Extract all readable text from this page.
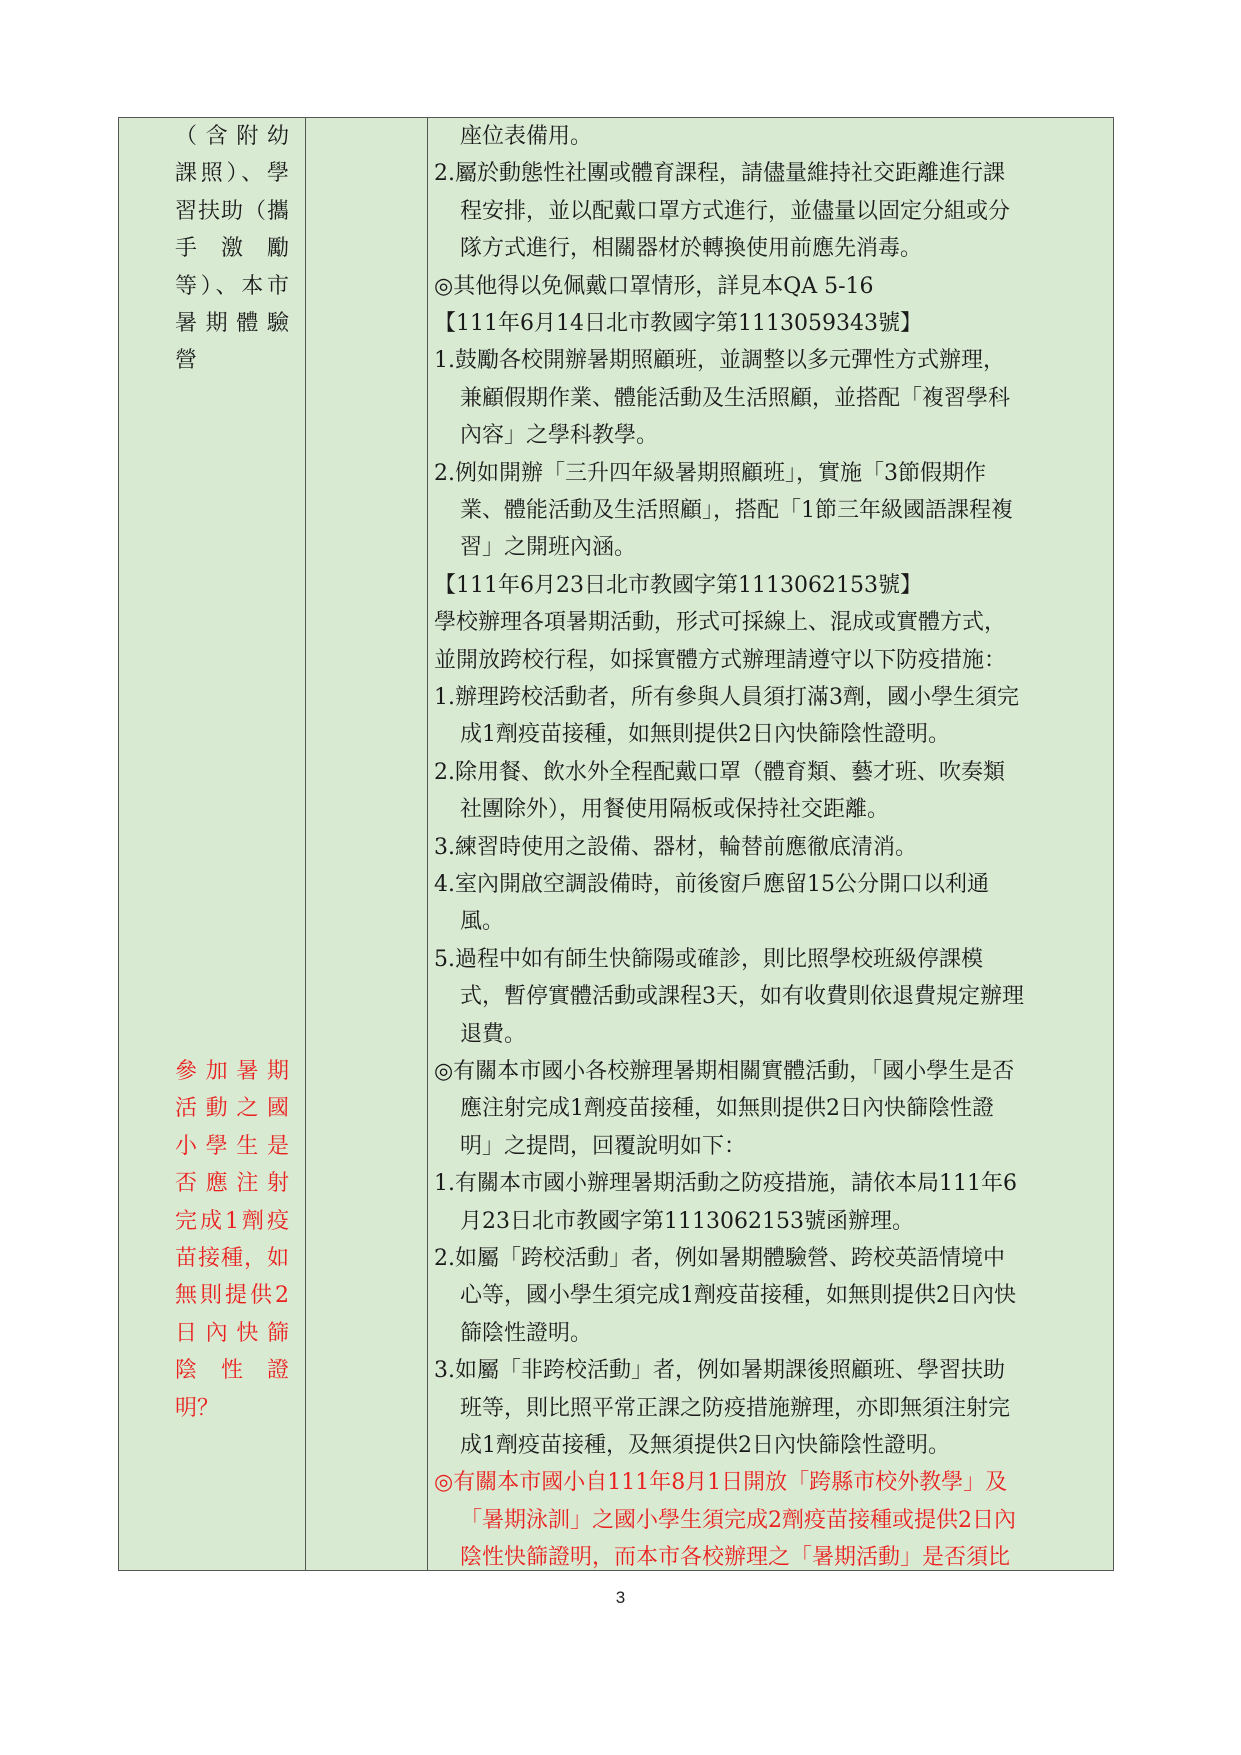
（含附幼
課照）、學
習扶助（攜
手　激　勵
等）、本市
暑期體驗
營
參加暑期
活動之國
小學生是
否應注射
完成1劑疫
苗接種，如
無則提供2
日內快篩
陰　性　證
明？
座位表備用。
2.屬於動態性社團或體育課程，請儘量維持社交距離進行課
程安排，並以配戴口罩方式進行，並儘量以固定分組或分
隊方式進行，相關器材於轉換使用前應先消毒。
◎其他得以免佩戴口罩情形，詳見本QA 5-16
【111年6月14日北市教國字第1113059343號】
1.鼓勵各校開辦暑期照顧班，並調整以多元彈性方式辦理，
兼顧假期作業、體能活動及生活照顧，並搭配「複習學科
內容」之學科教學。
2.例如開辦「三升四年級暑期照顧班」，實施「3節假期作
業、體能活動及生活照顧」，搭配「1節三年級國語課程複
習」之開班內涵。
【111年6月23日北市教國字第1113062153號】
學校辦理各項暑期活動，形式可採線上、混成或實體方式，
並開放跨校行程，如採實體方式辦理請遵守以下防疫措施：
1.辦理跨校活動者，所有參與人員須打滿3劑，國小學生須完
成1劑疫苗接種，如無則提供2日內快篩陰性證明。
2.除用餐、飲水外全程配戴口罩（體育類、藝才班、吹奏類
社團除外），用餐使用隔板或保持社交距離。
3.練習時使用之設備、器材，輪替前應徹底清消。
4.室內開啟空調設備時，前後窗戶應留15公分開口以利通
風。
5.過程中如有師生快篩陽或確診，則比照學校班級停課模
式，暫停實體活動或課程3天，如有收費則依退費規定辦理
退費。
◎有關本市國小各校辦理暑期相關實體活動，「國小學生是否
應注射完成1劑疫苗接種，如無則提供2日內快篩陰性證
明」之提問，回覆說明如下：
1.有關本市國小辦理暑期活動之防疫措施，請依本局111年6
月23日北市教國字第1113062153號函辦理。
2.如屬「跨校活動」者，例如暑期體驗營、跨校英語情境中
心等，國小學生須完成1劑疫苗接種，如無則提供2日內快
篩陰性證明。
3.如屬「非跨校活動」者，例如暑期課後照顧班、學習扶助
班等，則比照平常正課之防疫措施辦理，亦即無須注射完
成1劑疫苗接種，及無須提供2日內快篩陰性證明。
◎有關本市國小自111年8月1日開放「跨縣市校外教學」及
「暑期泳訓」之國小學生須完成2劑疫苗接種或提供2日內
陰性快篩證明，而本市各校辦理之「暑期活動」是否須比
3
